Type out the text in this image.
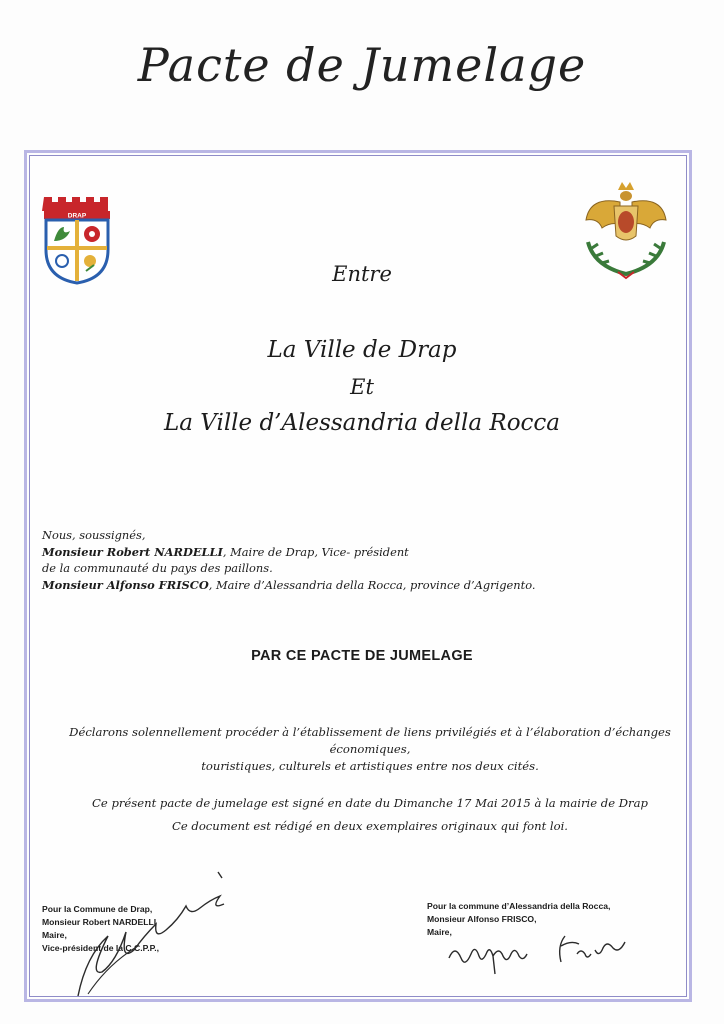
Pacte de Jumelage
DRAP
Entre
La Ville de Drap
Et
La Ville d’Alessandria della Rocca
Nous, soussignés,
Monsieur Robert NARDELLI, Maire de Drap, Vice- président
de la communauté du pays des paillons.
Monsieur Alfonso FRISCO, Maire d’Alessandria della Rocca, province d’Agrigento.
PAR CE PACTE DE JUMELAGE
Déclarons solennellement procéder à l’établissement de liens privilégiés et à l’élaboration d’échanges économiques,
touristiques, culturels et artistiques entre nos deux cités.
Ce présent pacte de jumelage est signé en date du Dimanche 17 Mai 2015 à la mairie de Drap
Ce document est rédigé en deux exemplaires originaux qui font loi.
Pour la Commune de Drap,
Monsieur Robert NARDELLI
Maire,
Vice-président de la C.C.P.P.,
Pour la commune d’Alessandria della Rocca,
Monsieur Alfonso FRISCO,
Maire,
